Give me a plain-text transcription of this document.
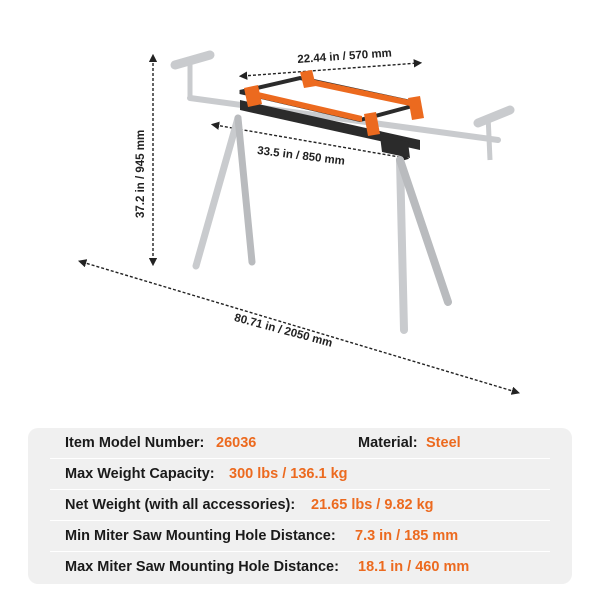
22.44 in / 570 mm
33.5 in / 850 mm
37.2 in / 945 mm
80.71 in / 2050 mm
Item Model Number: 26036	Material: Steel
Max Weight Capacity: 300 lbs / 136.1 kg
Net Weight (with all accessories): 21.65 lbs / 9.82 kg
Min Miter Saw Mounting Hole Distance: 7.3 in / 185 mm
Max Miter Saw Mounting Hole Distance: 18.1 in / 460 mm
